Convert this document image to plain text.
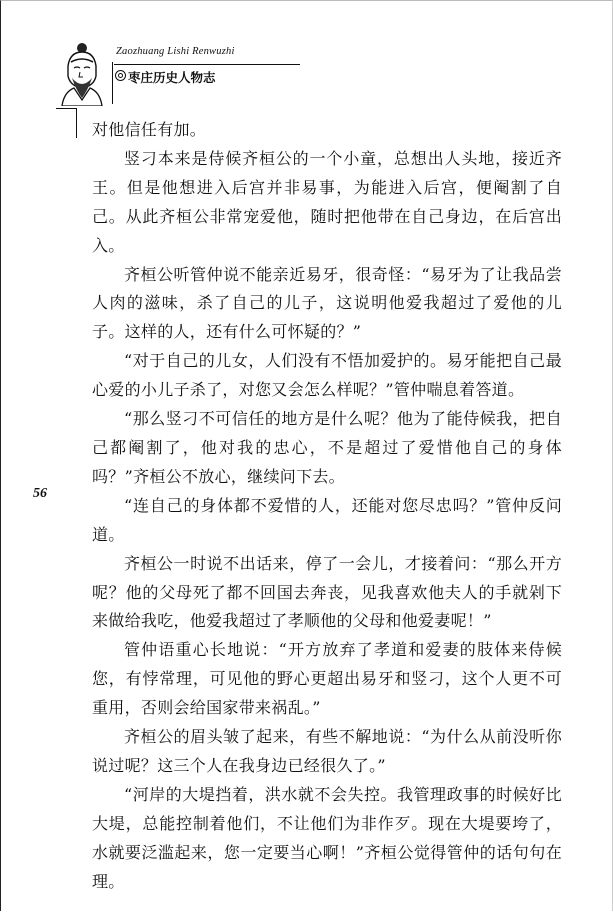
Zaozhuang Lishi Renwuzhi
枣庄历史人物志
56

对他信任有加。

竖刁本来是侍候齐桓公的一个小童，总想出人头地，接近齐王。但是他想进入后宫并非易事，为能进入后宫，便阉割了自己。从此齐桓公非常宠爱他，随时把他带在自己身边，在后宫出入。

齐桓公听管仲说不能亲近易牙，很奇怪：“易牙为了让我品尝人肉的滋味，杀了自己的儿子，这说明他爱我超过了爱他的儿子。这样的人，还有什么可怀疑的？”

“对于自己的儿女，人们没有不悟加爱护的。易牙能把自己最心爱的小儿子杀了，对您又会怎么样呢？”管仲喘息着答道。

“那么竖刁不可信任的地方是什么呢？他为了能侍候我，把自己都阉割了，他对我的忠心，不是超过了爱惜他自己的身体吗？”齐桓公不放心，继续问下去。

“连自己的身体都不爱惜的人，还能对您尽忠吗？”管仲反问道。

齐桓公一时说不出话来，停了一会儿，才接着问：“那么开方呢？他的父母死了都不回国去奔丧，见我喜欢他夫人的手就剁下来做给我吃，他爱我超过了孝顺他的父母和他爱妻呢！”

管仲语重心长地说：“开方放弃了孝道和爱妻的肢体来侍候您，有悖常理，可见他的野心更超出易牙和竖刁，这个人更不可重用，否则会给国家带来祸乱。”

齐桓公的眉头皱了起来，有些不解地说：“为什么从前没听你说过呢？这三个人在我身边已经很久了。”

“河岸的大堤挡着，洪水就不会失控。我管理政事的时候好比大堤，总能控制着他们，不让他们为非作歹。现在大堤要垮了，水就要泛滥起来，您一定要当心啊！”齐桓公觉得管仲的话句句在理。
